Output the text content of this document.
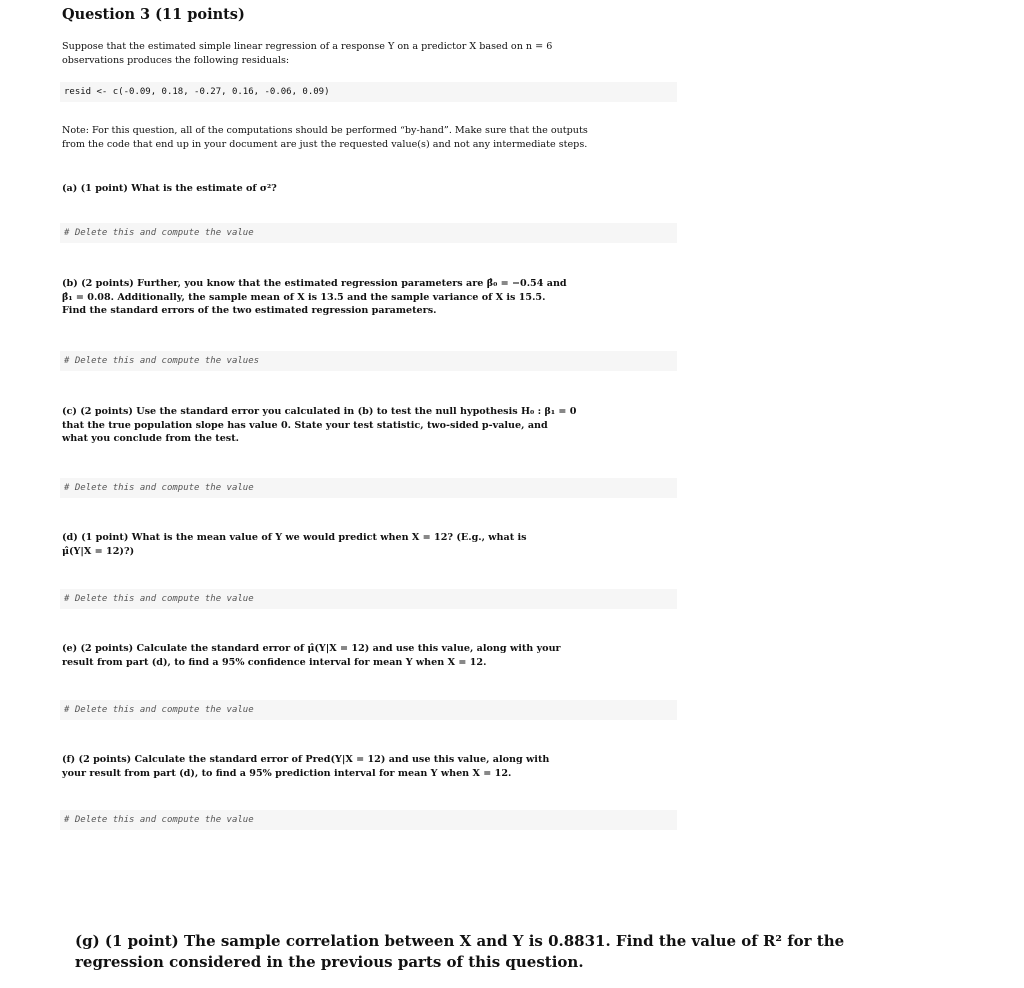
Question 3 (11 points)
Suppose that the estimated simple linear regression of a response Y on a predictor X based on n = 6
observations produces the following residuals:
resid <- c(-0.09, 0.18, -0.27, 0.16, -0.06, 0.09)
Note: For this question, all of the computations should be performed “by-hand”. Make sure that the outputs
from the code that end up in your document are just the requested value(s) and not any intermediate steps.
(a) (1 point) What is the estimate of σ²?
# Delete this and compute the value
(b) (2 points) Further, you know that the estimated regression parameters are β̂₀ = −0.54 and
β̂₁ = 0.08. Additionally, the sample mean of X is 13.5 and the sample variance of X is 15.5.
Find the standard errors of the two estimated regression parameters.
# Delete this and compute the values
(c) (2 points) Use the standard error you calculated in (b) to test the null hypothesis H₀ : β₁ = 0
that the true population slope has value 0. State your test statistic, two-sided p-value, and
what you conclude from the test.
# Delete this and compute the value
(d) (1 point) What is the mean value of Y we would predict when X = 12? (E.g., what is
μ̂(Y|X = 12)?)
# Delete this and compute the value
(e) (2 points) Calculate the standard error of μ̂(Y|X = 12) and use this value, along with your
result from part (d), to find a 95% confidence interval for mean Y when X = 12.
# Delete this and compute the value
(f) (2 points) Calculate the standard error of Pred(Y|X = 12) and use this value, along with
your result from part (d), to find a 95% prediction interval for mean Y when X = 12.
# Delete this and compute the value
(g) (1 point) The sample correlation between X and Y is 0.8831. Find the value of R² for the
regression considered in the previous parts of this question.
